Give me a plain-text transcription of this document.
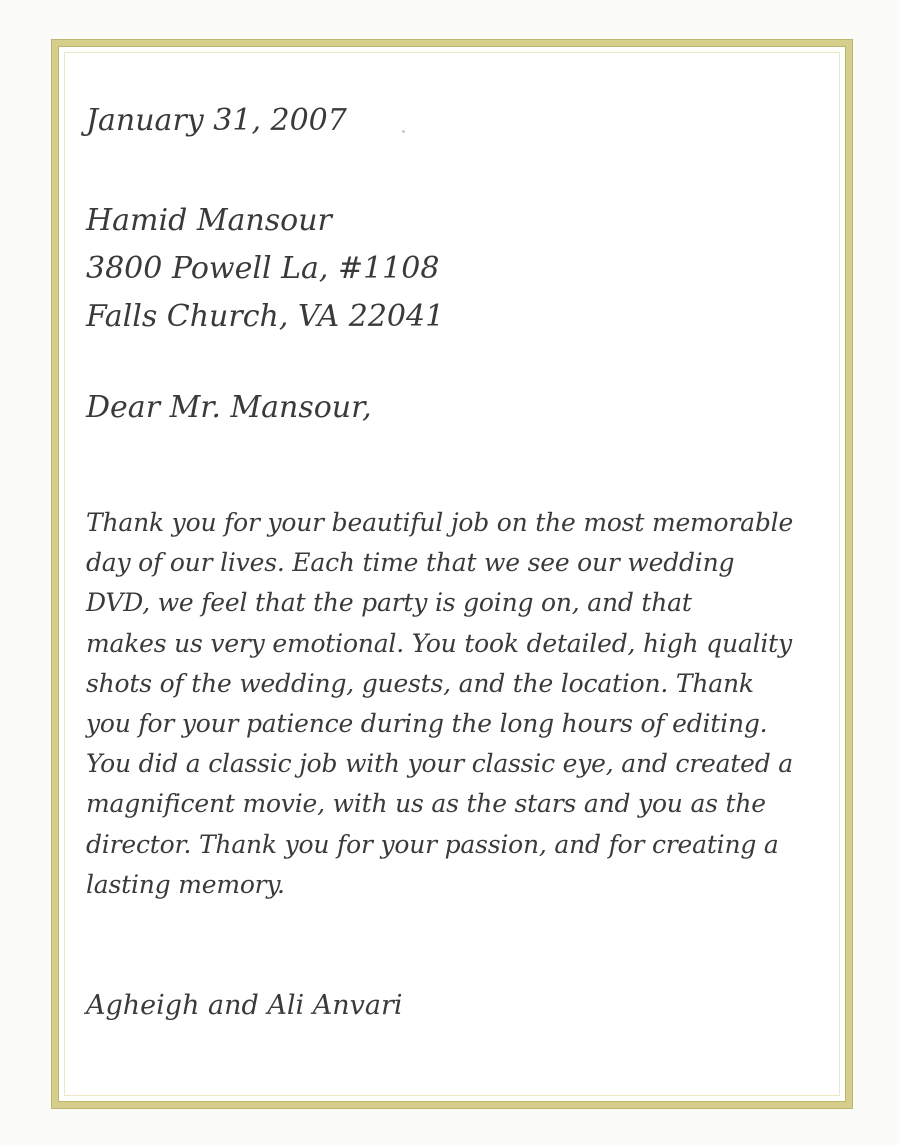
January 31, 2007
Hamid Mansour
3800 Powell La, #1108
Falls Church, VA 22041
Dear Mr. Mansour,
Thank you for your beautiful job on the most memorable
day of our lives. Each time that we see our wedding
DVD, we feel that the party is going on, and that
makes us very emotional. You took detailed, high quality
shots of the wedding, guests, and the location. Thank
you for your patience during the long hours of editing.
You did a classic job with your classic eye, and created a
magnificent movie, with us as the stars and you as the
director. Thank you for your passion, and for creating a
lasting memory.
Agheigh and Ali Anvari
